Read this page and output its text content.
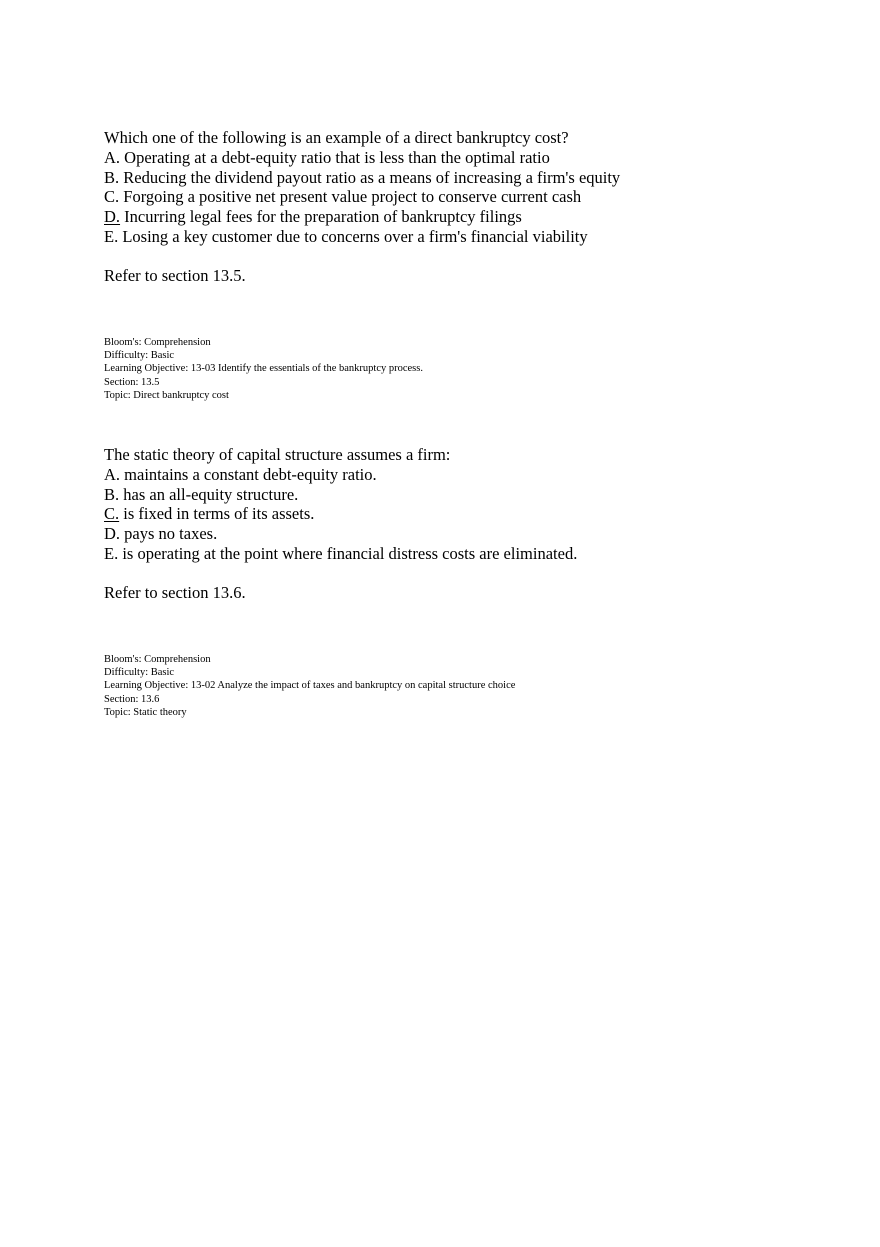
Which one of the following is an example of a direct bankruptcy cost?
A. Operating at a debt-equity ratio that is less than the optimal ratio
B. Reducing the dividend payout ratio as a means of increasing a firm's equity
C. Forgoing a positive net present value project to conserve current cash
D. Incurring legal fees for the preparation of bankruptcy filings
E. Losing a key customer due to concerns over a firm's financial viability
Refer to section 13.5.
Bloom's: Comprehension
Difficulty: Basic
Learning Objective: 13-03 Identify the essentials of the bankruptcy process.
Section: 13.5
Topic: Direct bankruptcy cost
The static theory of capital structure assumes a firm:
A. maintains a constant debt-equity ratio.
B. has an all-equity structure.
C. is fixed in terms of its assets.
D. pays no taxes.
E. is operating at the point where financial distress costs are eliminated.
Refer to section 13.6.
Bloom's: Comprehension
Difficulty: Basic
Learning Objective: 13-02 Analyze the impact of taxes and bankruptcy on capital structure choice
Section: 13.6
Topic: Static theory
